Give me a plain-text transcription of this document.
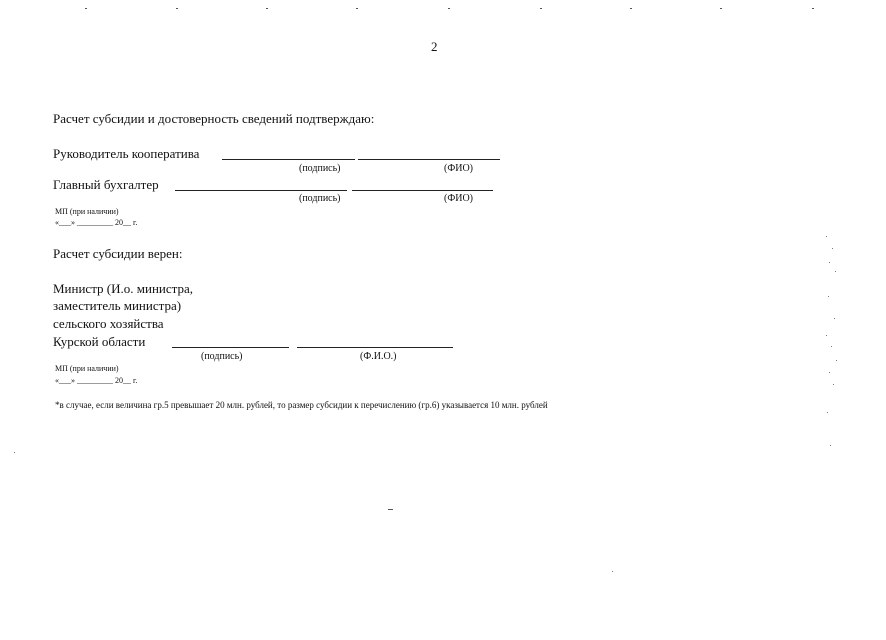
2
Расчет субсидии и достоверность сведений подтверждаю:
Руководитель кооператива
(подпись)	(ФИО)
Главный бухгалтер
(подпись)	(ФИО)
МП (при наличии)
«___» _________ 20__ г.
Расчет субсидии верен:
Министр (И.о. министра,
заместитель министра)
сельского хозяйства
Курской области
(подпись)	(Ф.И.О.)
МП (при наличии)
«___» _________ 20__ г.
*в случае, если величина гр.5 превышает 20 млн. рублей, то размер субсидии к перечислению (гр.6) указывается 10 млн. рублей
